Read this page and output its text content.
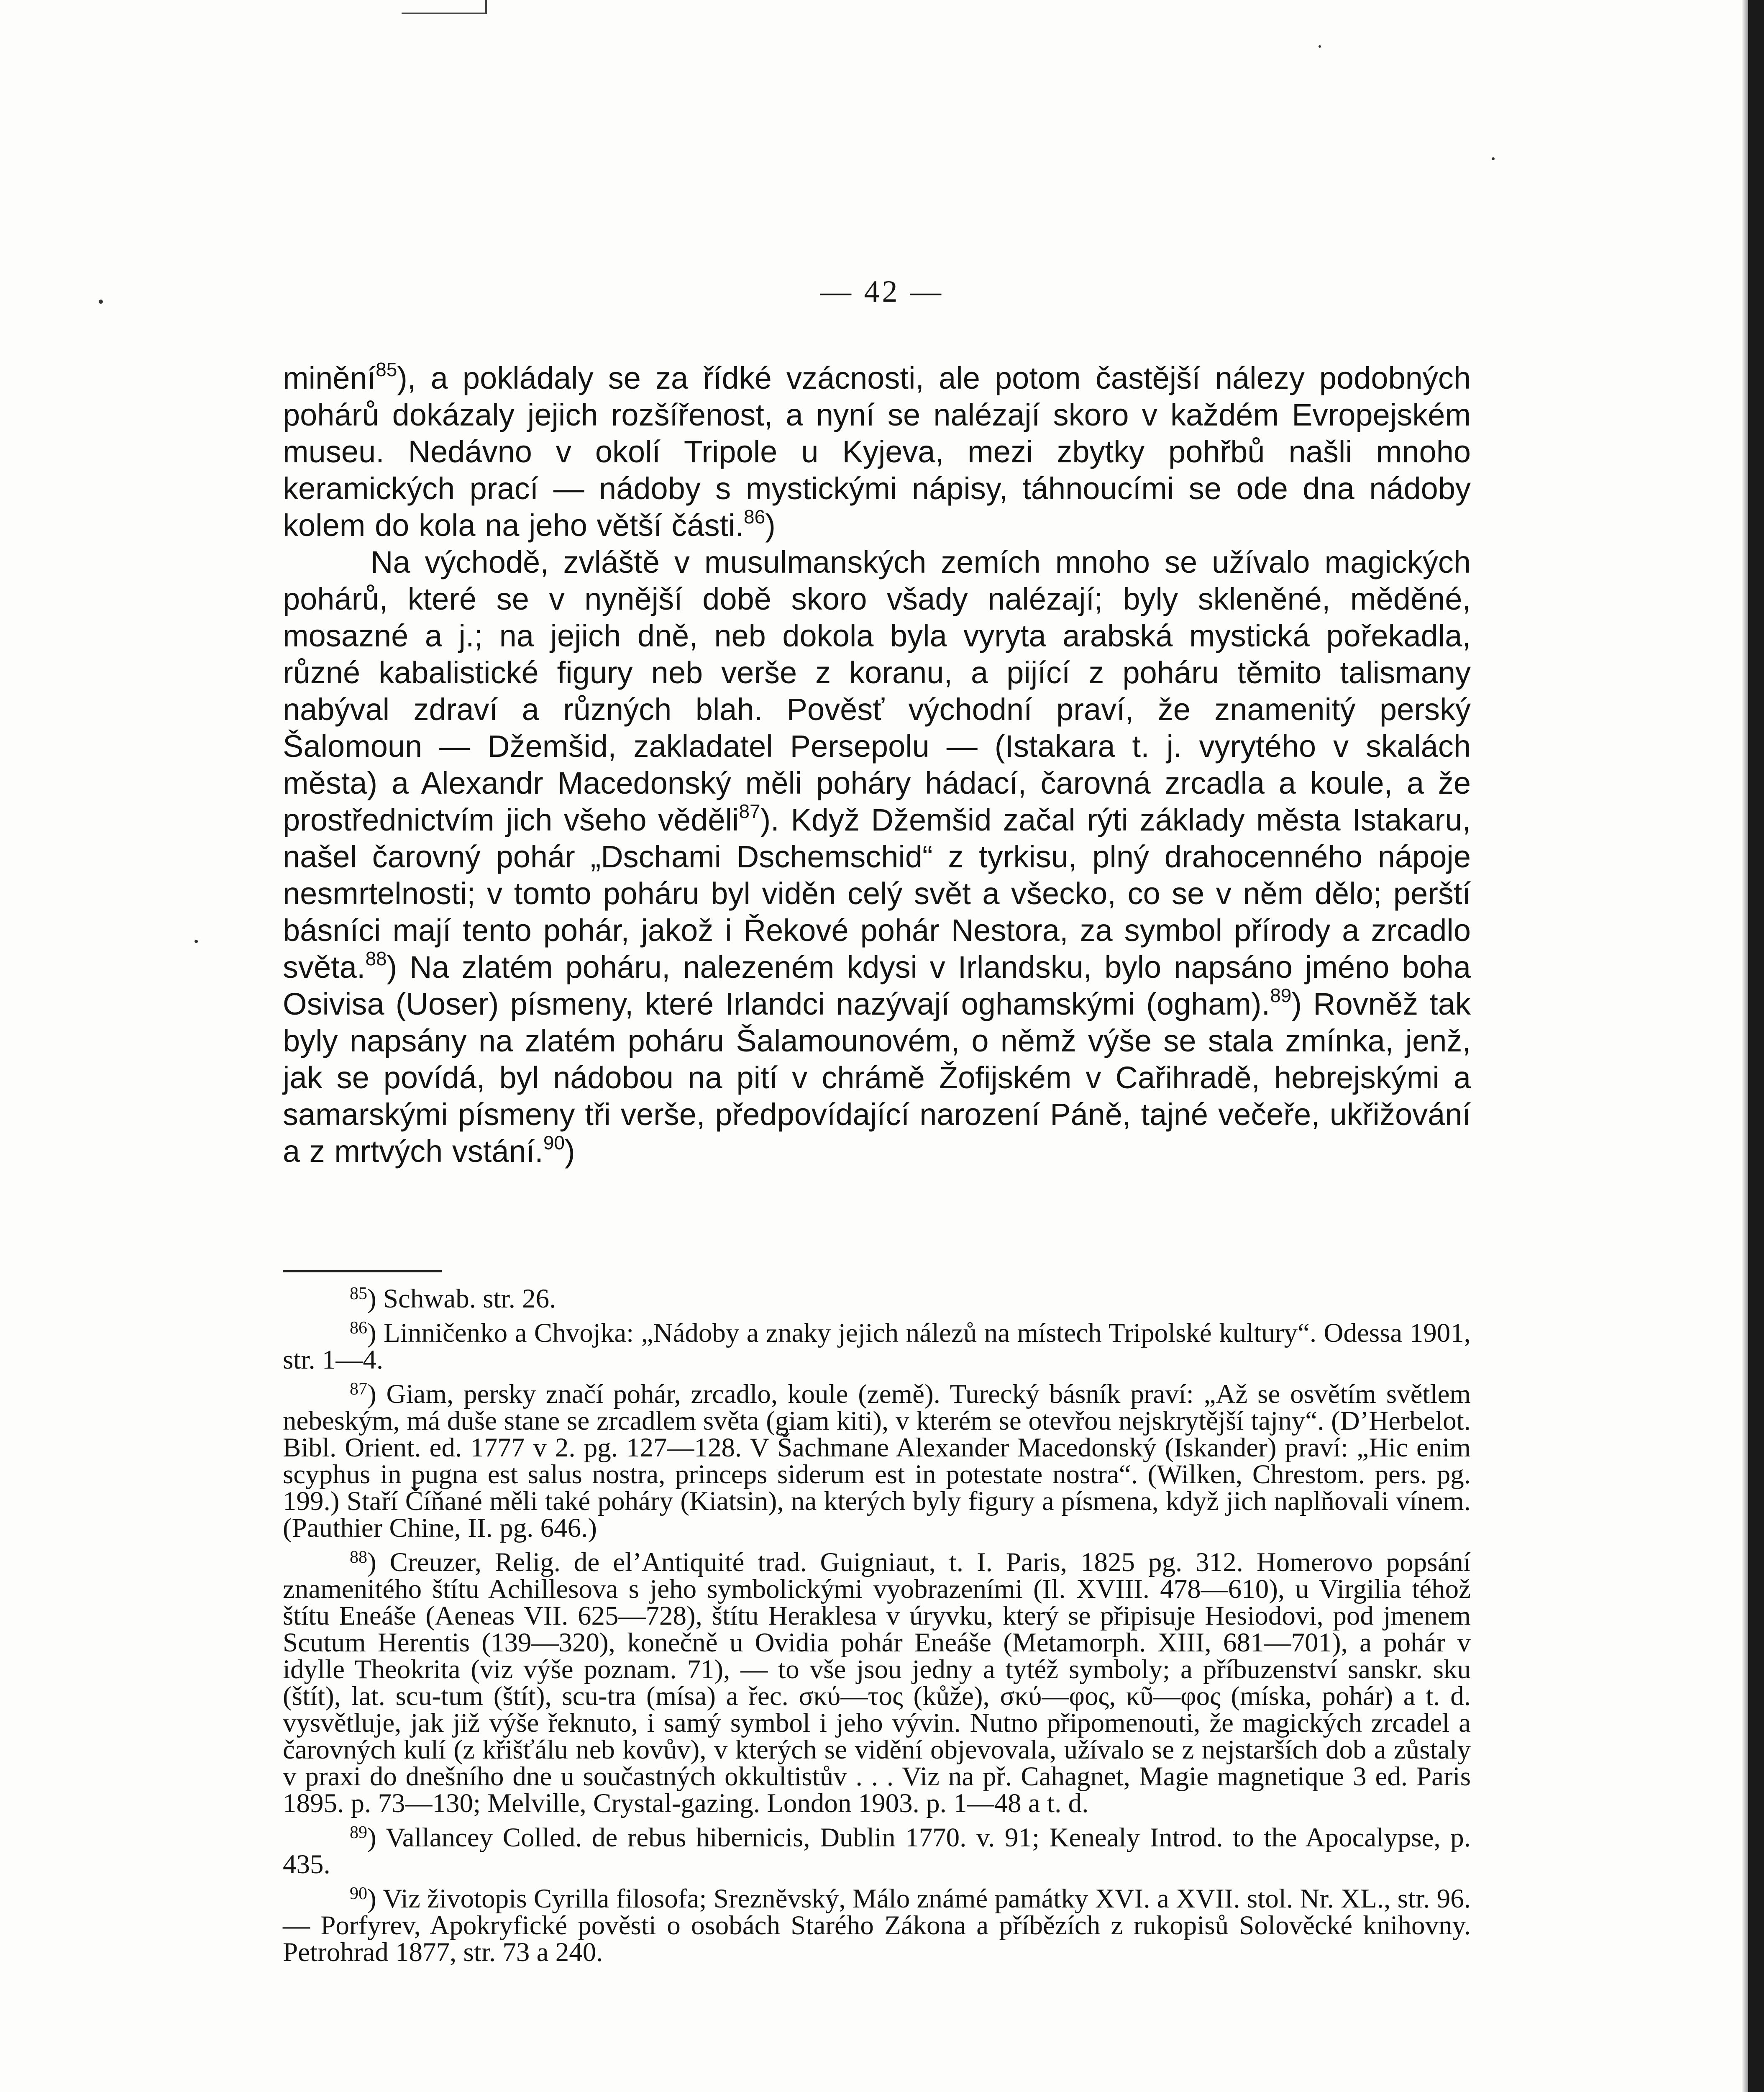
— 42 —

minění$^{85}$), a pokládaly se za řídké vzácnosti, ale potom častější nálezy podobných pohárů dokázaly jejich rozšířenost, a nyní se nalézají skoro v každém Evropejském museu. Nedávno v okolí Tripole u Kyjeva, mezi zbytky pohřbů našli mnoho keramických prací — nádoby s mystickými nápisy, táhnoucími se ode dna nádoby kolem do kola na jeho větší části.$^{86}$)

Na východě, zvláště v musulmanských zemích mnoho se užívalo magických pohárů, které se v nynější době skoro všady nalézají; byly skleněné, měděné, mosazné a j.; na jejich dně, neb dokola byla vyryta arabská mystická pořekadla, různé kabalistické figury neb verše z koranu, a pijící z poháru těmito talismany nabýval zdraví a různých blah. Pověsť východní praví, že znamenitý perský Šalomoun — Džemšid, zakladatel Persepolu — (Istakara t. j. vyrytého v skalách města) a Alexandr Macedonský měli poháry hádací, čarovná zrcadla a koule, a že prostřednictvím jich všeho věděli$^{87}$). Když Džemšid začal rýti základy města Istakaru, našel čarovný pohár „Dschami Dschemschid“ z tyrkisu, plný drahocenného nápoje nesmrtelnosti; v tomto poháru byl viděn celý svět a všecko, co se v něm dělo; perští básníci mají tento pohár, jakož i Řekové pohár Nestora, za symbol přírody a zrcadlo světa.$^{88}$) Na zlatém poháru, nalezeném kdysi v Irlandsku, bylo napsáno jméno boha Osivisa (Uoser) písmeny, které Irlandci nazývají oghamskými (ogham).$^{89}$) Rovněž tak byly napsány na zlatém poháru Šalamounovém, o němž výše se stala zmínka, jenž, jak se povídá, byl nádobou na pití v chrámě Žofijském v Cařihradě, hebrejskými a samarskými písmeny tři verše, předpovídající narození Páně, tajné večeře, ukřižování a z mrtvých vstání.$^{90}$)

$^{85}$) Schwab. str. 26.

$^{86}$) Linničenko a Chvojka: „Nádoby a znaky jejich nálezů na místech Tripolské kultury“. Odessa 1901, str. 1—4.

$^{87}$) Giam, persky značí pohár, zrcadlo, koule (země). Turecký básník praví: „Až se osvětím světlem nebeským, má duše stane se zrcadlem světa (giam kiti), v kterém se otevřou nejskrytější tajny“. (D’Herbelot. Bibl. Orient. ed. 1777 v 2. pg. 127—128. V Šachmane Alexander Macedonský (Iskander) praví: „Hic enim scyphus in pugna est salus nostra, princeps siderum est in potestate nostra“. (Wilken, Chrestom. pers. pg. 199.) Staří Číňané měli také poháry (Kiatsin), na kterých byly figury a písmena, když jich naplňovali vínem. (Pauthier Chine, II. pg. 646.)

$^{88}$) Creuzer, Relig. de el’Antiquité trad. Guigniaut, t. I. Paris, 1825 pg. 312. Homerovo popsání znamenitého štítu Achillesova s jeho symbolickými vyobrazeními (Il. XVIII. 478—610), u Virgilia téhož štítu Eneáše (Aeneas VII. 625—728), štítu Heraklesa v úryvku, který se připisuje Hesiodovi, pod jmenem Scutum Herentis (139—320), konečně u Ovidia pohár Eneáše (Metamorph. XIII, 681—701), a pohár v idylle Theokrita (viz výše poznam. 71), — to vše jsou jedny a tytéž symboly; a příbuzenství sanskr. sku (štít), lat. scu-tum (štít), scu-tra (mísa) a řec. σκύ—τος (kůže), σκύ—φος, κῦ—φος (míska, pohár) a t. d. vysvětluje, jak již výše řeknuto, i samý symbol i jeho vývin. Nutno připomenouti, že magických zrcadel a čarovných kulí (z křišťálu neb kovův), v kterých se vidění objevovala, užívalo se z nejstarších dob a zůstaly v praxi do dnešního dne u součastných okkultistův . . . Viz na př. Cahagnet, Magie magnetique 3 ed. Paris 1895. p. 73—130; Melville, Crystal-gazing. London 1903. p. 1—48 a t. d.

$^{89}$) Vallancey Colled. de rebus hibernicis, Dublin 1770. v. 91; Kenealy Introd. to the Apocalypse, p. 435.

$^{90}$) Viz životopis Cyrilla filosofa; Sreznĕvský, Málo známé památky XVI. a XVII. stol. Nr. XL., str. 96. — Porfyrev, Apokryfické pověsti o osobách Starého Zákona a příbězích z rukopisů Solověcké knihovny. Petrohrad 1877, str. 73 a 240.
